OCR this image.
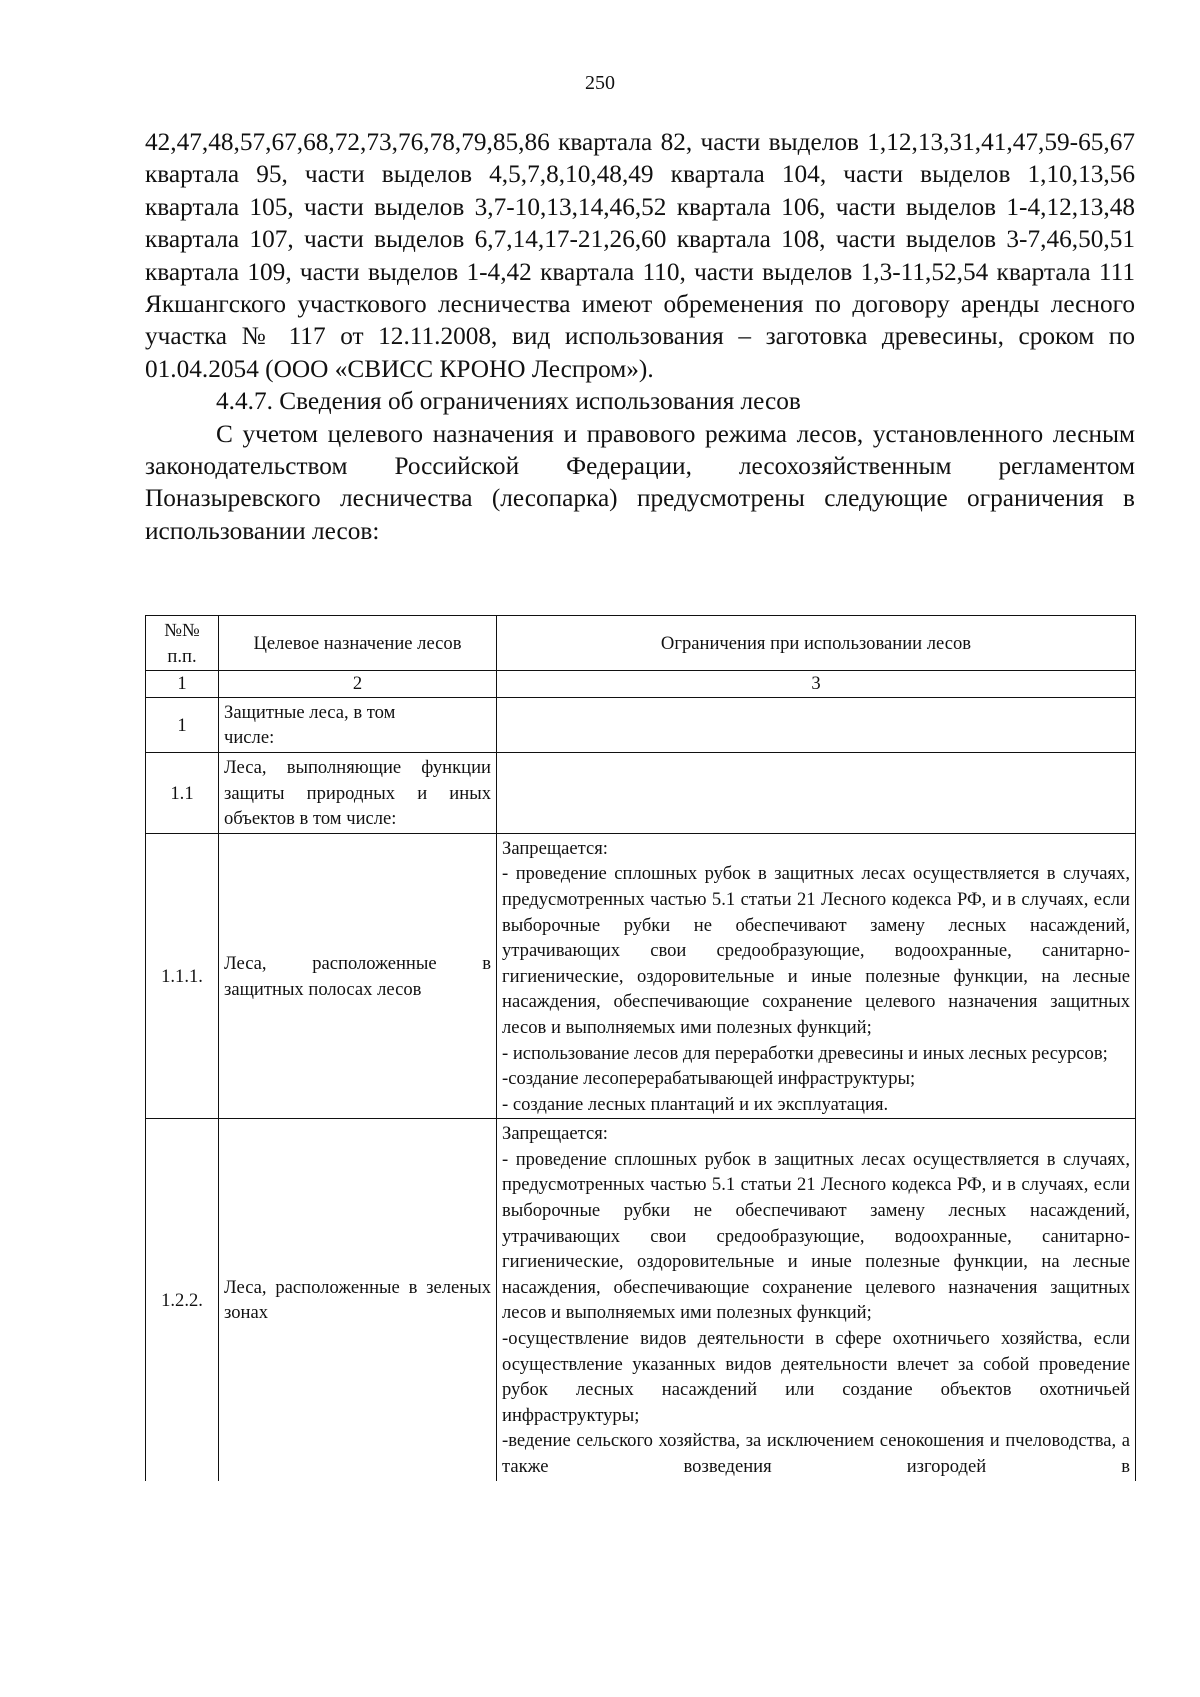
250

42,47,48,57,67,68,72,73,76,78,79,85,86 квартала 82, части выделов 1,12,13,31,41,47,59-65,67 квартала 95, части выделов 4,5,7,8,10,48,49 квартала 104, части выделов 1,10,13,56 квартала 105, части выделов 3,7-10,13,14,46,52 квартала 106, части выделов 1-4,12,13,48 квартала 107, части выделов 6,7,14,17-21,26,60 квартала 108, части выделов 3-7,46,50,51 квартала 109, части выделов 1-4,42 квартала 110, части выделов 1,3-11,52,54 квартала 111 Якшангского участкового лесничества имеют обременения по договору аренды лесного участка № 117 от 12.11.2008, вид использования – заготовка древесины, сроком по 01.04.2054 (ООО «СВИСС КРОНО Леспром»).

4.4.7. Сведения об ограничениях использования лесов

С учетом целевого назначения и правового режима лесов, установленного лесным законодательством Российской Федерации, лесохозяйственным регламентом Поназыревского лесничества (лесопарка) предусмотрены следующие ограничения в использовании лесов:

№№ п.п.	Целевое назначение лесов	Ограничения при использовании лесов
1	2	3
1	Защитные леса, в том числе:	
1.1	Леса, выполняющие функции защиты природных и иных объектов в том числе:	
1.1.1.	Леса, расположенные в защитных полосах лесов	Запрещается:
- проведение сплошных рубок в защитных лесах осуществляется в случаях, предусмотренных частью 5.1 статьи 21 Лесного кодекса РФ, и в случаях, если выборочные рубки не обеспечивают замену лесных насаждений, утрачивающих свои средообразующие, водоохранные, санитарно-гигиенические, оздоровительные и иные полезные функции, на лесные насаждения, обеспечивающие сохранение целевого назначения защитных лесов и выполняемых ими полезных функций;
- использование лесов для переработки древесины и иных лесных ресурсов;
-создание лесоперерабатывающей инфраструктуры;
- создание лесных плантаций и их эксплуатация.

1.2.2.	Леса, расположенные в зеленых зонах	Запрещается:
- проведение сплошных рубок в защитных лесах осуществляется в случаях, предусмотренных частью 5.1 статьи 21 Лесного кодекса РФ, и в случаях, если выборочные рубки не обеспечивают замену лесных насаждений, утрачивающих свои средообразующие, водоохранные, санитарно-гигиенические, оздоровительные и иные полезные функции, на лесные насаждения, обеспечивающие сохранение целевого назначения защитных лесов и выполняемых ими полезных функций;
-осуществление видов деятельности в сфере охотничьего хозяйства, если осуществление указанных видов деятельности влечет за собой проведение рубок лесных насаждений или создание объектов охотничьей инфраструктуры;
-ведение сельского хозяйства, за исключением сенокошения и пчеловодства, а также возведения изгородей в
